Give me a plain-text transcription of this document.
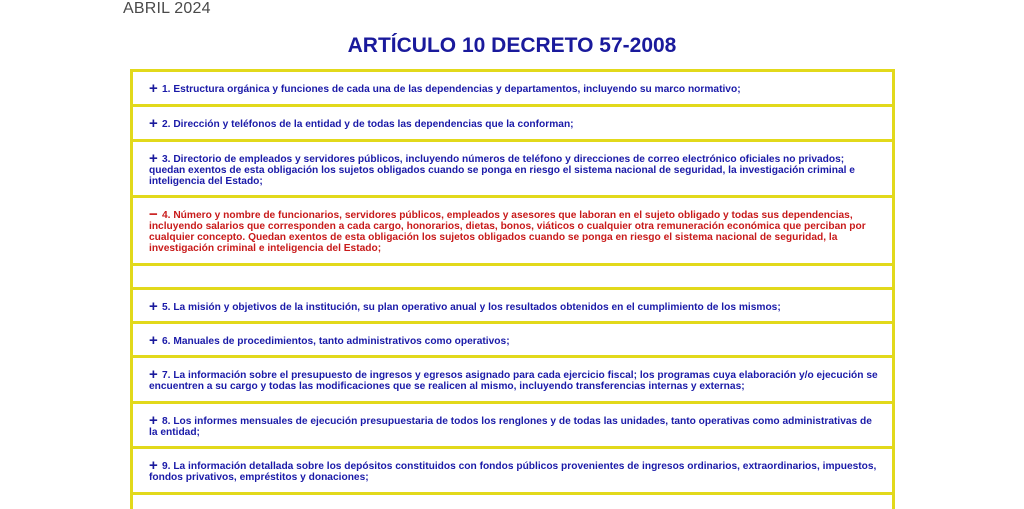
ABRIL 2024
ARTÍCULO 10 DECRETO 57-2008
+ 1. Estructura orgánica y funciones de cada una de las dependencias y departamentos, incluyendo su marco normativo;
+ 2. Dirección y teléfonos de la entidad y de todas las dependencias que la conforman;
+ 3. Directorio de empleados y servidores públicos, incluyendo números de teléfono y direcciones de correo electrónico oficiales no privados; quedan exentos de esta obligación los sujetos obligados cuando se ponga en riesgo el sistema nacional de seguridad, la investigación criminal e inteligencia del Estado;
− 4. Número y nombre de funcionarios, servidores públicos, empleados y asesores que laboran en el sujeto obligado y todas sus dependencias, incluyendo salarios que corresponden a cada cargo, honorarios, dietas, bonos, viáticos o cualquier otra remuneración económica que perciban por cualquier concepto. Quedan exentos de esta obligación los sujetos obligados cuando se ponga en riesgo el sistema nacional de seguridad, la investigación criminal e inteligencia del Estado;
+ 5. La misión y objetivos de la institución, su plan operativo anual y los resultados obtenidos en el cumplimiento de los mismos;
+ 6. Manuales de procedimientos, tanto administrativos como operativos;
+ 7. La información sobre el presupuesto de ingresos y egresos asignado para cada ejercicio fiscal; los programas cuya elaboración y/o ejecución se encuentren a su cargo y todas las modificaciones que se realicen al mismo, incluyendo transferencias internas y externas;
+ 8. Los informes mensuales de ejecución presupuestaria de todos los renglones y de todas las unidades, tanto operativas como administrativas de la entidad;
+ 9. La información detallada sobre los depósitos constituidos con fondos públicos provenientes de ingresos ordinarios, extraordinarios, impuestos, fondos privativos, empréstitos y donaciones;
